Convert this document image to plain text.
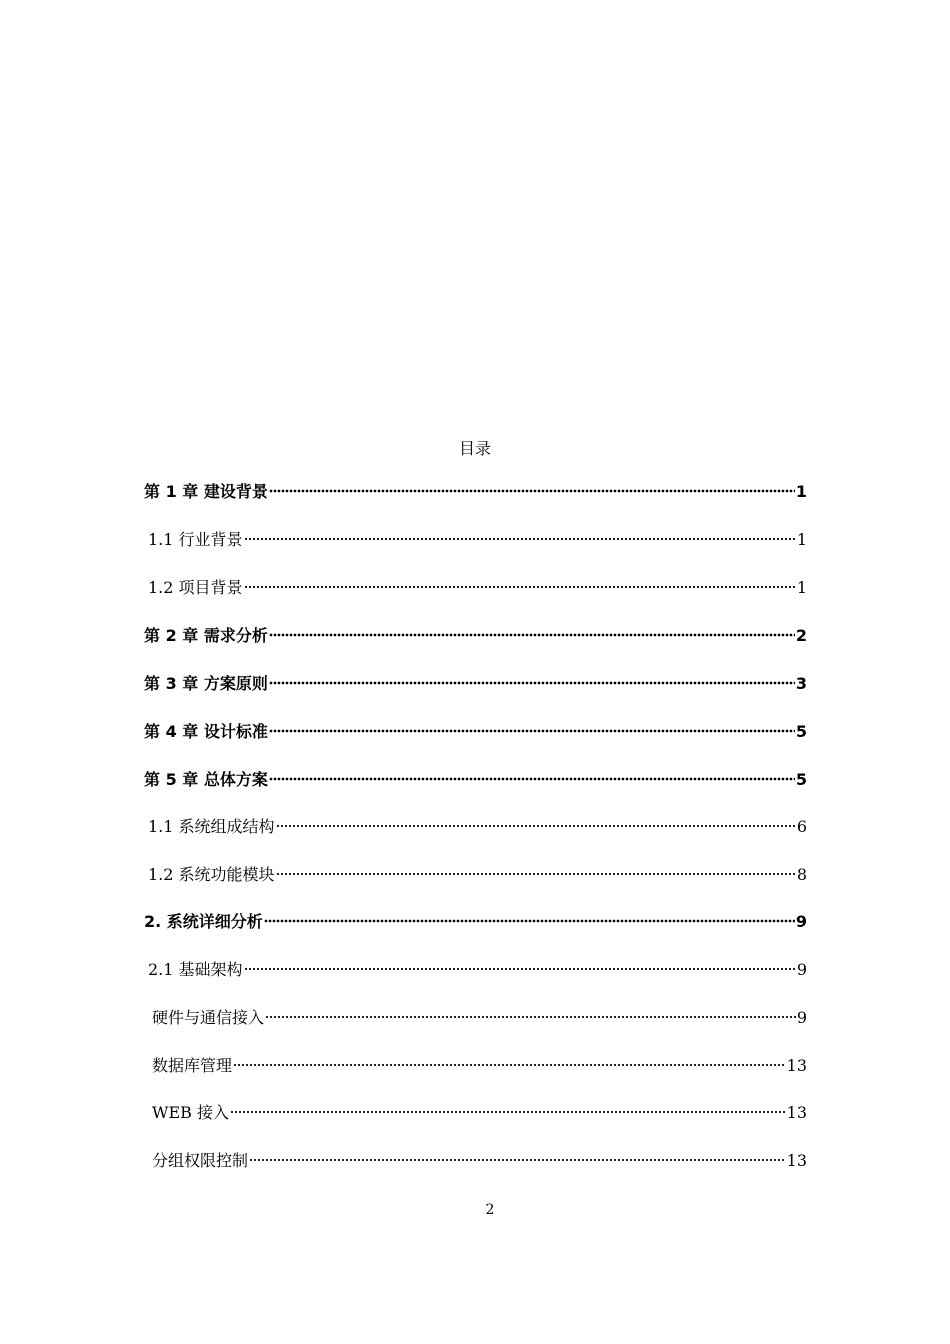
目录
第 1 章 建设背景	1
1.1 行业背景	1
1.2 项目背景	1
第 2 章 需求分析	2
第 3 章 方案原则	3
第 4 章 设计标准	5
第 5 章 总体方案	5
1.1 系统组成结构	6
1.2 系统功能模块	8
2. 系统详细分析	9
2.1 基础架构	9
硬件与通信接入	9
数据库管理	13
WEB 接入	13
分组权限控制	13
2
